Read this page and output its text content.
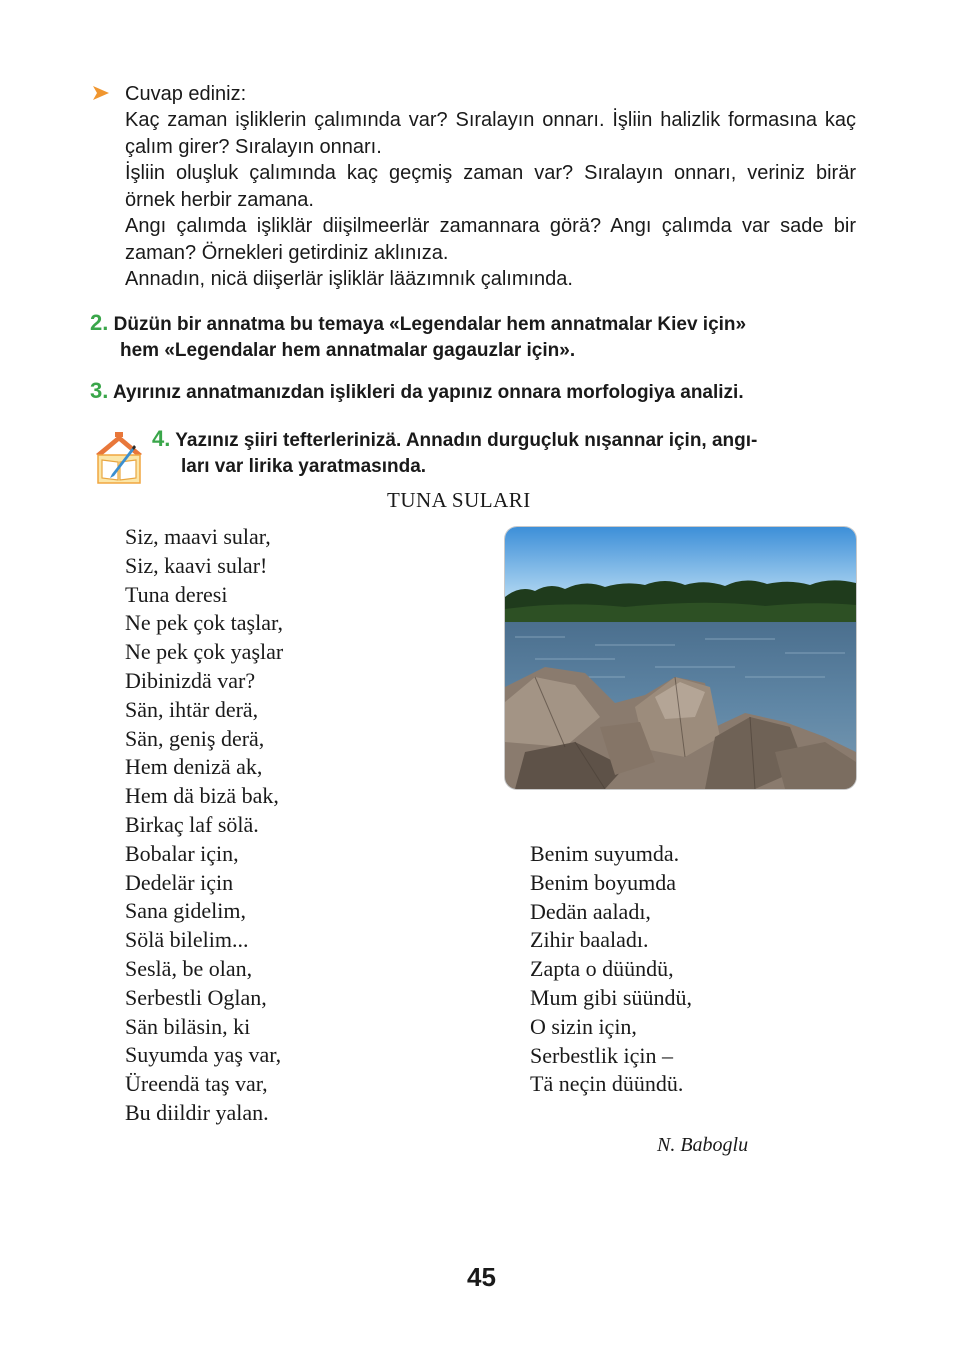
Cuvap ediniz:
Kaç zaman işliklerin çalımında var? Sıralayın onnarı. İşliin halizlik formasına kaç çalım girer? Sıralayın onnarı.
İşliin oluşluk çalımında kaç geçmiş zaman var? Sıralayın onnarı, veriniz birär örnek herbir zamana.
Angı çalımda işliklär diişilmeerlär zamannara görä? Angı çalımda var sade bir zaman? Örnekleri getirdiniz aklınıza.
Annadın, nicä diişerlär işliklär lääzımnık çalımında.
2. Düzün bir annatma bu temaya «Legendalar hem annatmalar Kiev için»
hem «Legendalar hem annatmalar gagauzlar için».
3. Ayırınız annatmanızdan işlikleri da yapınız onnara morfologiya analizi.
4. Yazınız şiiri tefterlerinizä. Annadın durguçluk nışannar için, angı-
ları var lirika yaratmasında.
TUNA SULARI
Siz, maavi sular,
Siz, kaavi sular!
Tuna deresi
Ne pek çok taşlar,
Ne pek çok yaşlar
Dibinizdä var?
Sän, ihtär derä,
Sän, geniş derä,
Hem denizä ak,
Hem dä bizä bak,
Birkaç laf sölä.
Bobalar için,
Dedelär için
Sana gidelim,
Sölä bilelim...
Seslä, be olan,
Serbestli Oglan,
Sän biläsin, ki
Suyumda yaş var,
Üreendä taş var,
Bu diildir yalan.
Benim suyumda.
Benim boyumda
Dedän aaladı,
Zihir baaladı.
Zapta o düündü,
Mum gibi süündü,
O sizin için,
Serbestlik için –
Tä neçin düündü.
N. Baboglu
45
